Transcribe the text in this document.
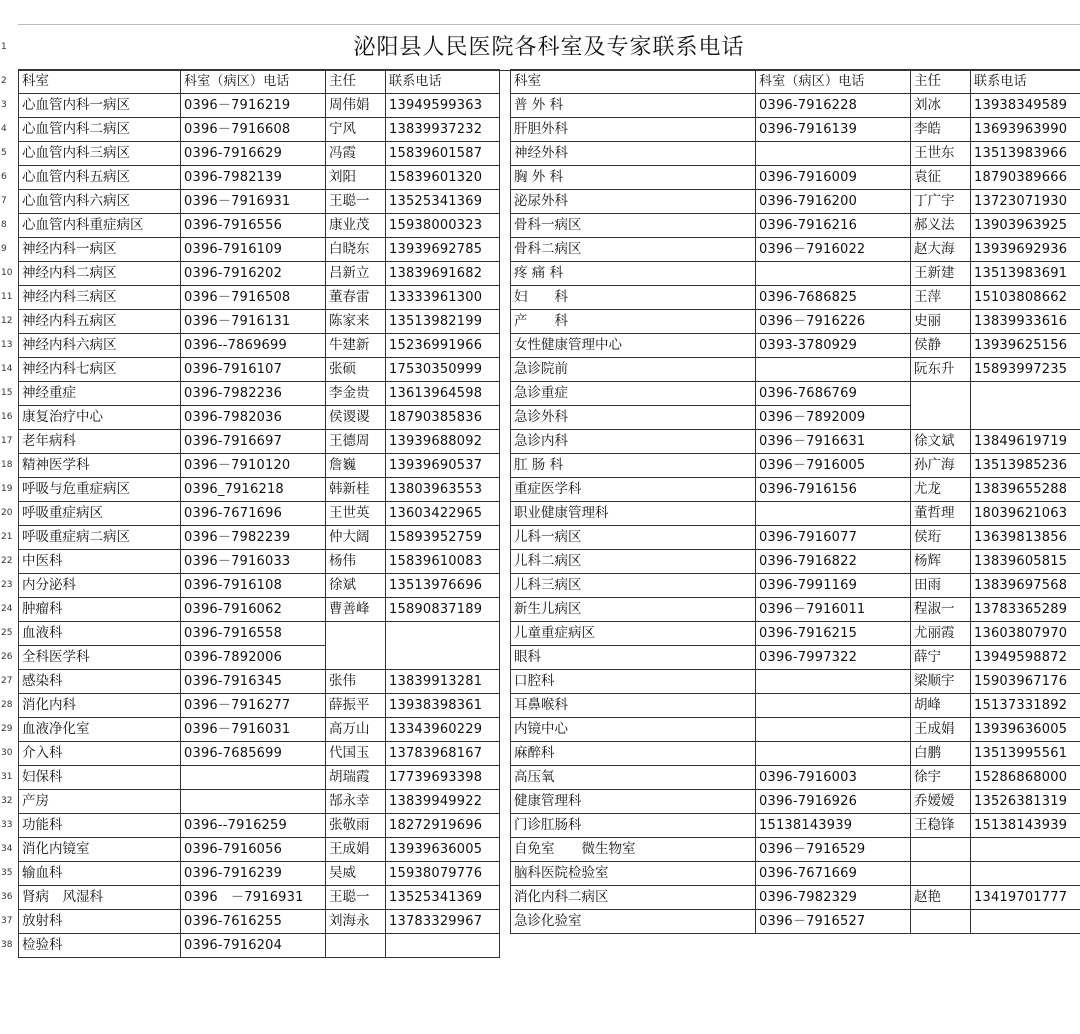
1
2
3
4
5
6
7
8
9
10
11
12
13
14
15
16
17
18
19
20
21
22
23
24
25
26
27
28
29
30
31
32
33
34
35
36
37
38
泌阳县人民医院各科室及专家联系电话
科室	科室（病区）电话	主任	联系电话
心血管内科一病区	0396－7916219	周伟娟	13949599363
心血管内科二病区	0396－7916608	宁风	13839937232
心血管内科三病区	0396-7916629	冯霞	15839601587
心血管内科五病区	0396-7982139	刘阳	15839601320
心血管内科六病区	0396－7916931	王聪一	13525341369
心血管内科重症病区	0396-7916556	康业茂	15938000323
神经内科一病区	0396-7916109	白晓东	13939692785
神经内科二病区	0396-7916202	吕新立	13839691682
神经内科三病区	0396－7916508	董春雷	13333961300
神经内科五病区	0396－7916131	陈家来	13513982199
神经内科六病区	0396--7869699	牛建新	15236991966
神经内科七病区	0396-7916107	张硕	17530350999
神经重症	0396-7982236	李金贵	13613964598
康复治疗中心	0396-7982036	侯谡谡	18790385836
老年病科	0396-7916697	王德周	13939688092
精神医学科	0396－7910120	詹巍	13939690537
呼吸与危重症病区	0396_7916218	韩新桂	13803963553
呼吸重症病区	0396-7671696	王世英	13603422965
呼吸重症病二病区	0396－7982239	仲大阔	15893952759
中医科	0396－7916033	杨伟	15839610083
内分泌科	0396-7916108	徐斌	13513976696
肿瘤科	0396-7916062	曹善峰	15890837189
血液科	0396-7916558		
全科医学科	0396-7892006		
感染科	0396-7916345	张伟	13839913281
消化内科	0396－7916277	薛振平	13938398361
血液净化室	0396－7916031	高万山	13343960229
介入科	0396-7685699	代国玉	13783968167
妇保科		胡瑞霞	17739693398
产房		郜永幸	13839949922
功能科	0396--7916259	张敬雨	18272919696
消化内镜室	0396-7916056	王成娟	13939636005
输血科	0396-7916239	吴威	15938079776
肾病　风湿科	0396　－7916931	王聪一	13525341369
放射科	0396-7616255	刘海永	13783329967
检验科	0396-7916204		
科室	科室（病区）电话	主任	联系电话
普 外 科	0396-7916228	刘冰	13938349589
肝胆外科	0396-7916139	李皓	13693963990
神经外科		王世东	13513983966
胸 外 科	0396-7916009	袁征	18790389666
泌尿外科	0396-7916200	丁广宇	13723071930
骨科一病区	0396-7916216	郝义法	13903963925
骨科二病区	0396－7916022	赵大海	13939692936
疼 痛 科		王新建	13513983691
妇　　科	0396-7686825	王萍	15103808662
产　　科	0396－7916226	史丽	13839933616
女性健康管理中心	0393-3780929	侯静	13939625156
急诊院前		阮东升	15893997235
急诊重症	0396-7686769		
急诊外科	0396－7892009		
急诊内科	0396－7916631	徐文斌	13849619719
肛 肠 科	0396－7916005	孙广海	13513985236
重症医学科	0396-7916156	尤龙	13839655288
职业健康管理科		董哲理	18039621063
儿科一病区	0396-7916077	侯珩	13639813856
儿科二病区	0396-7916822	杨辉	13839605815
儿科三病区	0396-7991169	田雨	13839697568
新生儿病区	0396－7916011	程淑一	13783365289
儿童重症病区	0396-7916215	尤丽霞	13603807970
眼科	0396-7997322	薛宁	13949598872
口腔科		梁顺宇	15903967176
耳鼻喉科		胡峰	15137331892
内镜中心		王成娟	13939636005
麻醉科		白鹏	13513995561
高压氧	0396-7916003	徐宇	15286868000
健康管理科	0396-7916926	乔嫒嫒	13526381319
门诊肛肠科	15138143939	王稳锋	15138143939
自免室　　微生物室	0396－7916529		
脑科医院检验室	0396-7671669		
消化内科二病区	0396-7982329	赵艳	13419701777
急诊化验室	0396－7916527		
